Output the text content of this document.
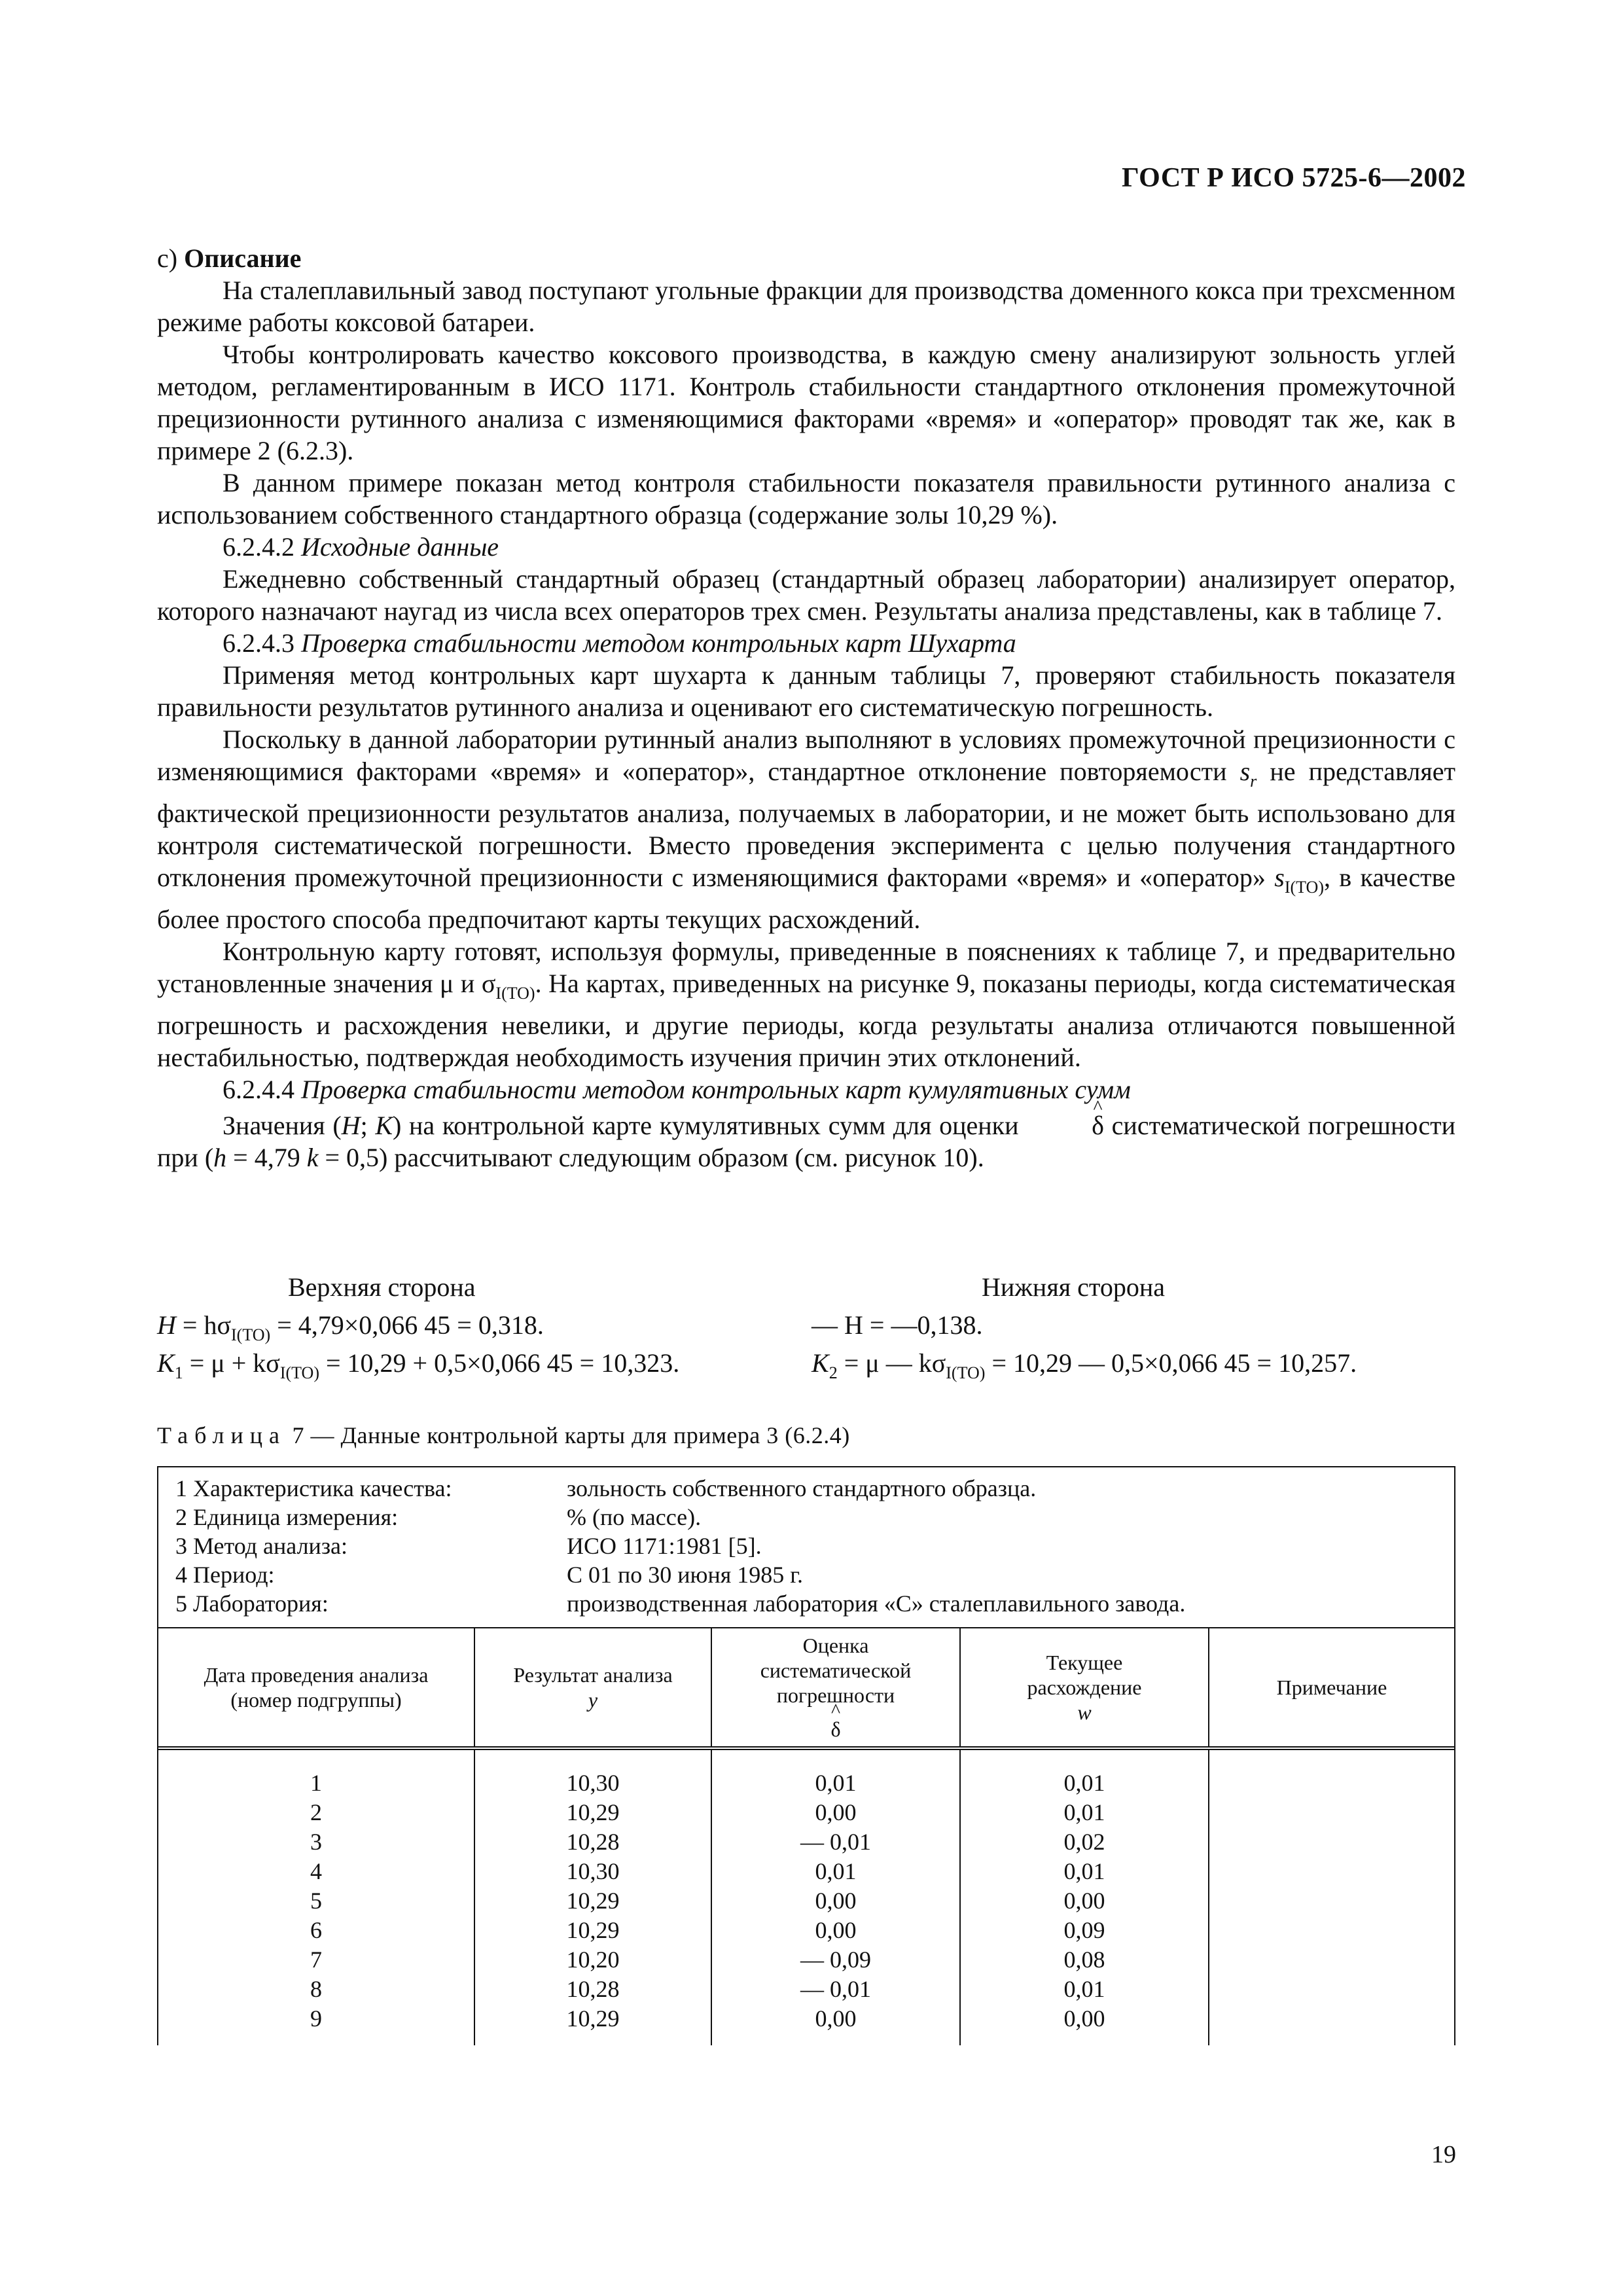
ГОСТ Р ИСО 5725-6—2002

с) Описание

На сталеплавильный завод поступают угольные фракции для производства доменного кокса при трехсменном режиме работы коксовой батареи.

Чтобы контролировать качество коксового производства, в каждую смену анализируют зольность углей методом, регламентированным в ИСО 1171. Контроль стабильности стандартного отклонения промежуточной прецизионности рутинного анализа с изменяющимися факторами «время» и «оператор» проводят так же, как в примере 2 (6.2.3).

В данном примере показан метод контроля стабильности показателя правильности рутинного анализа с использованием собственного стандартного образца (содержание золы 10,29 %).

6.2.4.2 Исходные данные

Ежедневно собственный стандартный образец (стандартный образец лаборатории) анализирует оператор, которого назначают наугад из числа всех операторов трех смен. Результаты анализа представлены, как в таблице 7.

6.2.4.3 Проверка стабильности методом контрольных карт Шухарта

Применяя метод контрольных карт шухарта к данным таблицы 7, проверяют стабильность показателя правильности результатов рутинного анализа и оценивают его систематическую погрешность.

Поскольку в данной лаборатории рутинный анализ выполняют в условиях промежуточной прецизионности с изменяющимися факторами «время» и «оператор», стандартное отклонение повторяемости $s_r$ не представляет фактической прецизионности результатов анализа, получаемых в лаборатории, и не может быть использовано для контроля систематической погрешности. Вместо проведения эксперимента с целью получения стандартного отклонения промежуточной прецизионности с изменяющимися факторами «время» и «оператор» $s_{I(TO)}$, в качестве более простого способа предпочитают карты текущих расхождений.

Контрольную карту готовят, используя формулы, приведенные в пояснениях к таблице 7, и предварительно установленные значения μ и $\sigma_{I(TO)}$. На картах, приведенных на рисунке 9, показаны периоды, когда систематическая погрешность и расхождения невелики, и другие периоды, когда результаты анализа отличаются повышенной нестабильностью, подтверждая необходимость изучения причин этих отклонений.

6.2.4.4 Проверка стабильности методом контрольных карт кумулятивных сумм

Значения (H; K) на контрольной карте кумулятивных сумм для оценки ^	δ систематической погрешности при (h = 4,79 k = 0,5) рассчитывают следующим образом (см. рисунок 10).

Верхняя сторона	Нижняя сторона
$H = h\sigma_{I(TO)} = 4,79\times 0,066$ 45 = 0,318.	— H = —0,138.
$K_1 = \mu + k\sigma_{I(TO)} = 10,29 + 0,5\times 0,066$ 45 = 10,323.	$K_2 = \mu$ — $k\sigma_{I(TO)} = 10,29$ — 0,5×0,066 45 = 10,257.
Таблица 7 — Данные контрольной карты для примера 3 (6.2.4)
1 Характеристика качества:	зольность собственного стандартного образца.
2 Единица измерения:	% (по массе).
3 Метод анализа:	ИСО 1171:1981 [5].
4 Период:	С 01 по 30 июня 1985 г.
5 Лаборатория:	производственная лаборатория «С» сталеплавильного завода.
Дата проведения анализа
(номер подгруппы)
Результат анализа
y
Оценка
систематической
погрешности
^ δ
Текущее
расхождение
w
Примечание
1
2
3
4
5
6
7
8
9
10,30
10,29
10,28
10,30
10,29
10,29
10,20
10,28
10,29
0,01
0,00
— 0,01
0,01
0,00
0,00
— 0,09
— 0,01
0,00
0,01
0,01
0,02
0,01
0,00
0,09
0,08
0,01
0,00
19
